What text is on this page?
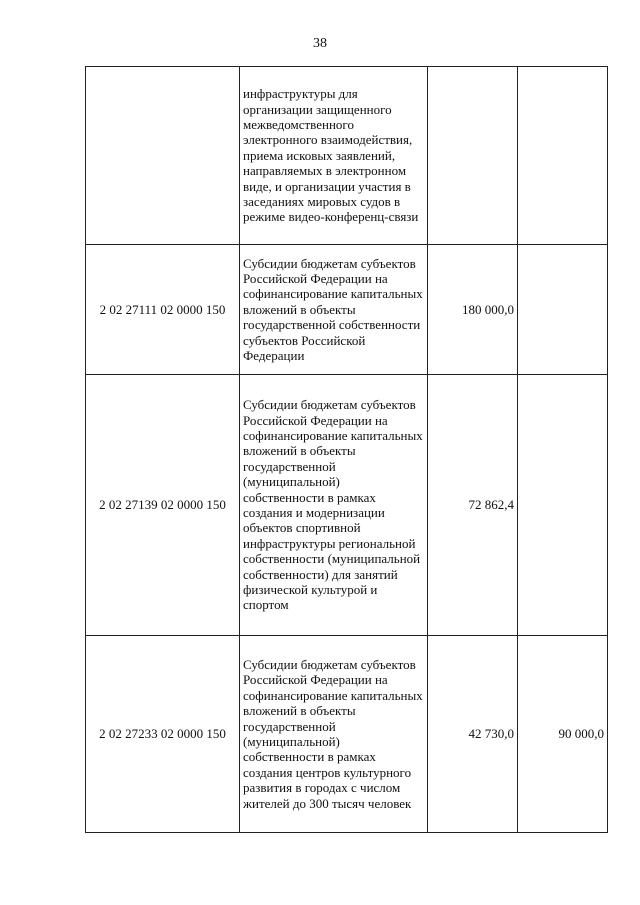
38
	инфраструктуры для организации защищенного межведомственного электронного взаимодействия, приема исковых заявлений, направляемых в электронном виде, и организации участия в заседаниях мировых судов в режиме видео-конференц-связи		
2 02 27111 02 0000 150	Субсидии бюджетам субъектов Российской Федерации на софинансирование капитальных вложений в объекты государственной собственности субъектов Российской Федерации	180 000,0	
2 02 27139 02 0000 150	Субсидии бюджетам субъектов Российской Федерации на софинансирование капитальных вложений в объекты государственной (муниципальной) собственности в рамках создания и модернизации объектов спортивной инфраструктуры региональной собственности (муниципальной собственности) для занятий физической культурой и спортом	72 862,4	
2 02 27233 02 0000 150	Субсидии бюджетам субъектов Российской Федерации на софинансирование капитальных вложений в объекты государственной (муниципальной) собственности в рамках создания центров культурного развития в городах с числом жителей до 300 тысяч человек	42 730,0	90 000,0
